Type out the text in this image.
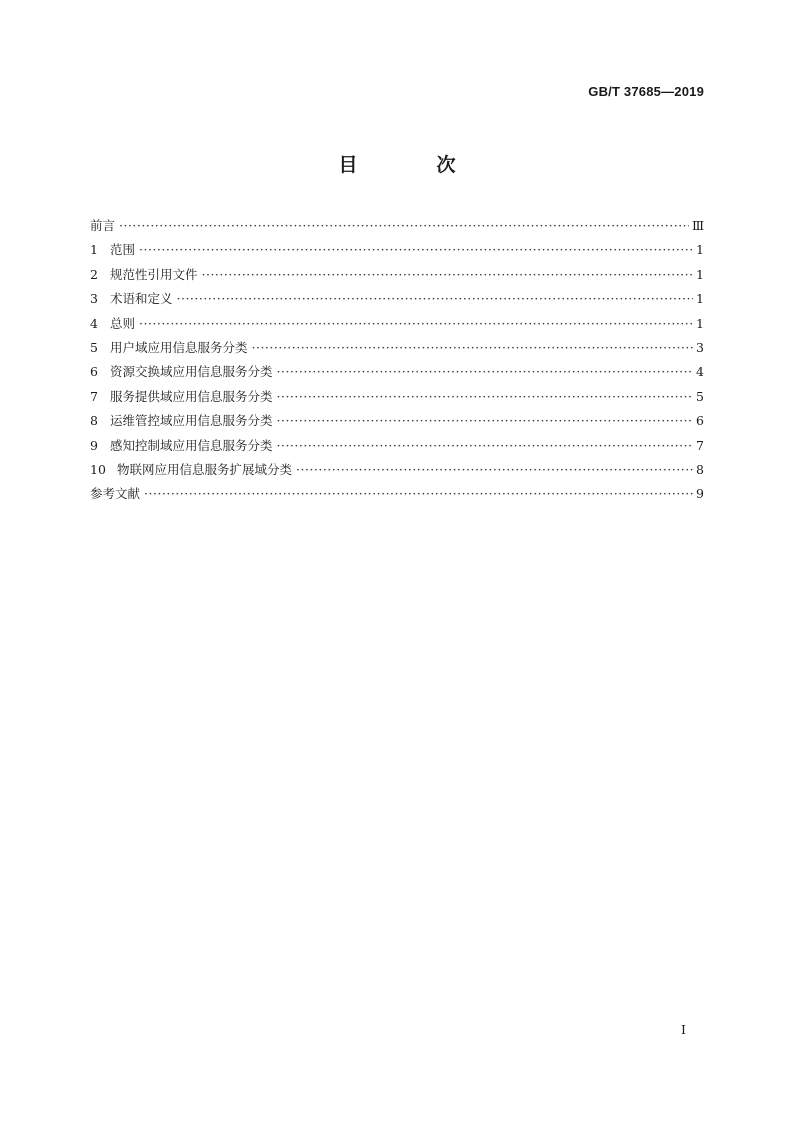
GB/T 37685—2019
目　次
前言 ·····	Ⅲ
1 范围 ·····	1
2 规范性引用文件 ·····	1
3 术语和定义 ·····	1
4 总则 ·····	1
5 用户域应用信息服务分类 ·····	3
6 资源交换域应用信息服务分类 ·····	4
7 服务提供域应用信息服务分类 ·····	5
8 运维管控域应用信息服务分类 ·····	6
9 感知控制域应用信息服务分类 ·····	7
10 物联网应用信息服务扩展域分类 ·····	8
参考文献 ·····	9
Ⅰ
